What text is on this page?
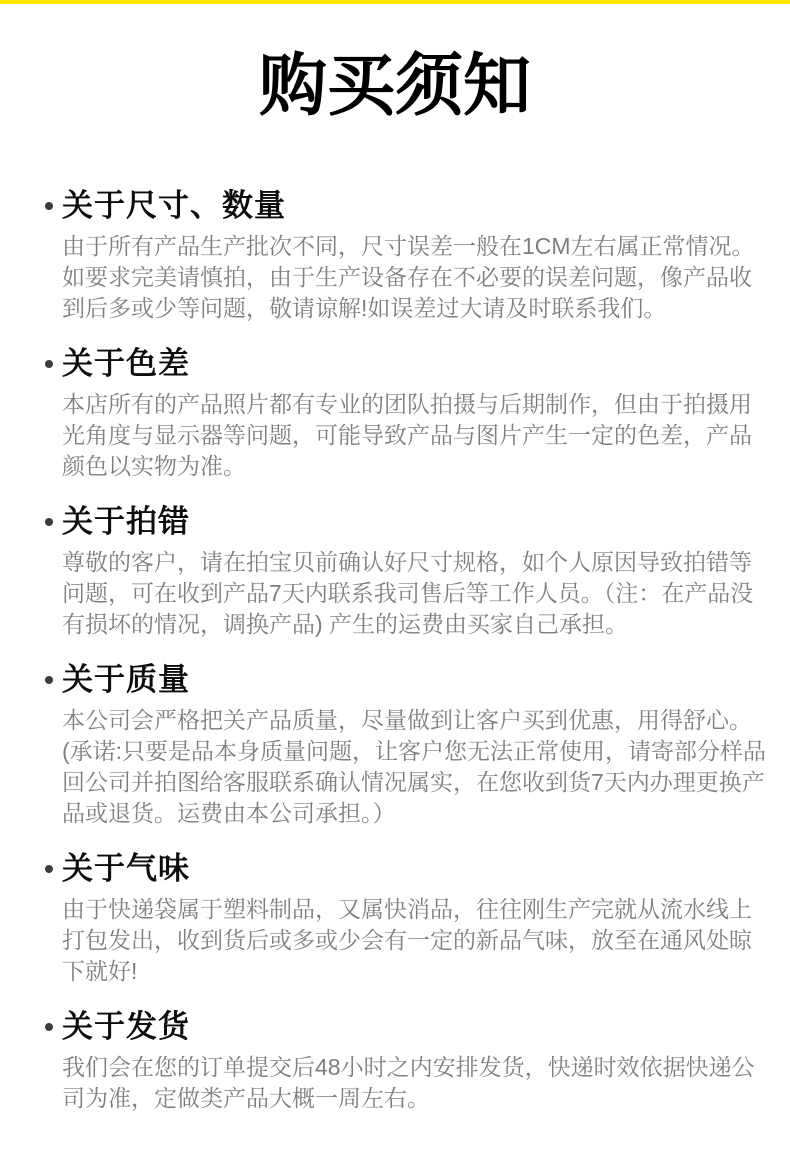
购买须知
关于尺寸、数量

由于所有产品生产批次不同，尺寸误差一般在1CM左右属正常情况。如要求完美请慎拍，由于生产设备存在不必要的误差问题，像产品收到后多或少等问题，敬请谅解!如误差过大请及时联系我们。

关于色差

本店所有的产品照片都有专业的团队拍摄与后期制作，但由于拍摄用光角度与显示器等问题，可能导致产品与图片产生一定的色差，产品颜色以实物为准。

关于拍错

尊敬的客户，请在拍宝贝前确认好尺寸规格，如个人原因导致拍错等问题，可在收到产品7天内联系我司售后等工作人员。（注：在产品没有损坏的情况，调换产品) 产生的运费由买家自己承担。

关于质量

本公司会严格把关产品质量，尽量做到让客户买到优惠，用得舒心。(承诺:只要是品本身质量问题，让客户您无法正常使用，请寄部分样品回公司并拍图给客服联系确认情况属实，在您收到货7天内办理更换产品或退货。运费由本公司承担。）

关于气味

由于快递袋属于塑料制品，又属快消品，往往刚生产完就从流水线上打包发出，收到货后或多或少会有一定的新品气味，放至在通风处晾下就好!

关于发货

我们会在您的订单提交后48小时之内安排发货，快递时效依据快递公司为准，定做类产品大概一周左右。
